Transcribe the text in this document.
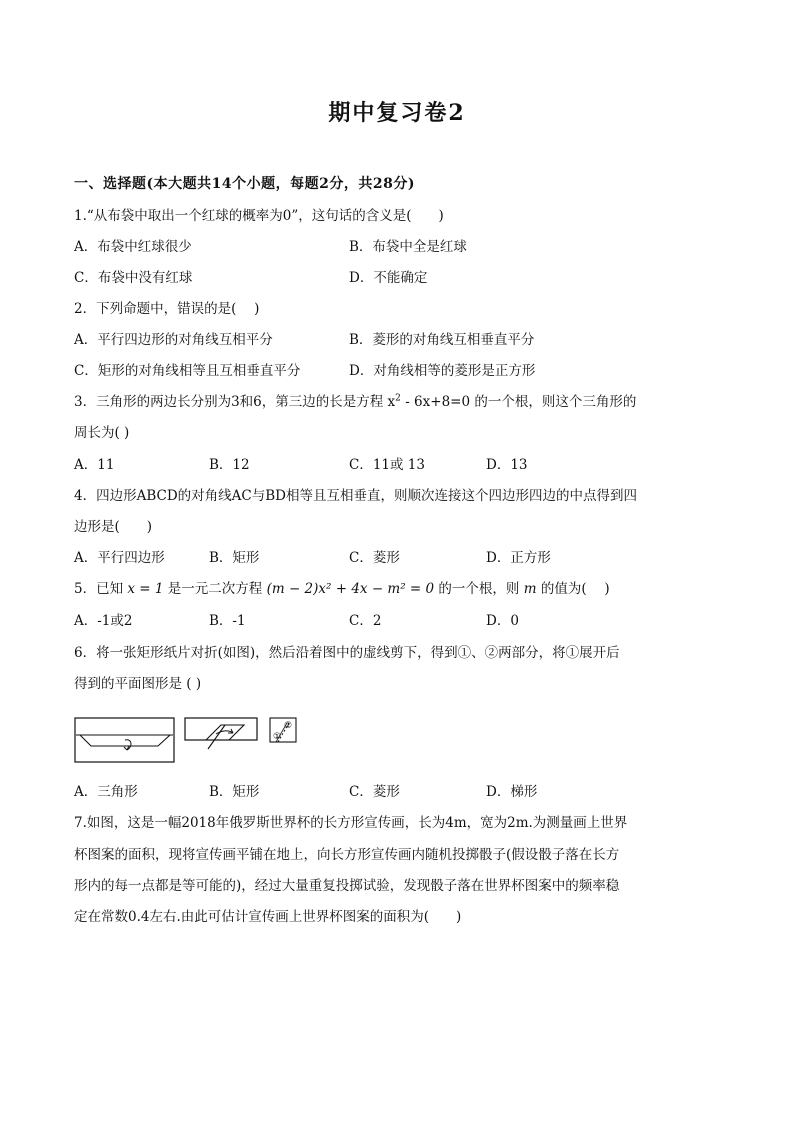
期中复习卷2
一、选择题(本大题共14个小题，每题2分，共28分)
1.“从布袋中取出一个红球的概率为0”，这句话的含义是(　　)
A．布袋中红球很少	B．布袋中全是红球
C．布袋中没有红球	D．不能确定
2．下列命题中，错误的是(　 )
A．平行四边形的对角线互相平分	B．菱形的对角线互相垂直平分
C．矩形的对角线相等且互相垂直平分	D．对角线相等的菱形是正方形
3．三角形的两边长分别为3和6，第三边的长是方程 $x^2 - 6x+8=0$ 的一个根，则这个三角形的
周长为( )
A．11	B．12	C．11或 13	D．13
4．四边形ABCD的对角线AC与BD相等且互相垂直，则顺次连接这个四边形四边的中点得到四
边形是(　　)
A．平行四边形	B．矩形	C．菱形	D．正方形
5．已知 x = 1 是一元二次方程 (m − 2)x² + 4x − m² = 0 的一个根，则 m 的值为(　 )
A．-1或2	B．-1	C．2	D．0
6．将一张矩形纸片对折(如图)，然后沿着图中的虚线剪下，得到①、②两部分，将①展开后
得到的平面图形是 ( )
①
②
A．三角形	B．矩形	C．菱形	D．梯形
7.如图，这是一幅2018年俄罗斯世界杯的长方形宣传画，长为4m，宽为2m.为测量画上世界
杯图案的面积，现将宣传画平铺在地上，向长方形宣传画内随机投掷骰子(假设骰子落在长方
形内的每一点都是等可能的)，经过大量重复投掷试验，发现骰子落在世界杯图案中的频率稳
定在常数0.4左右.由此可估计宣传画上世界杯图案的面积为(　　)
